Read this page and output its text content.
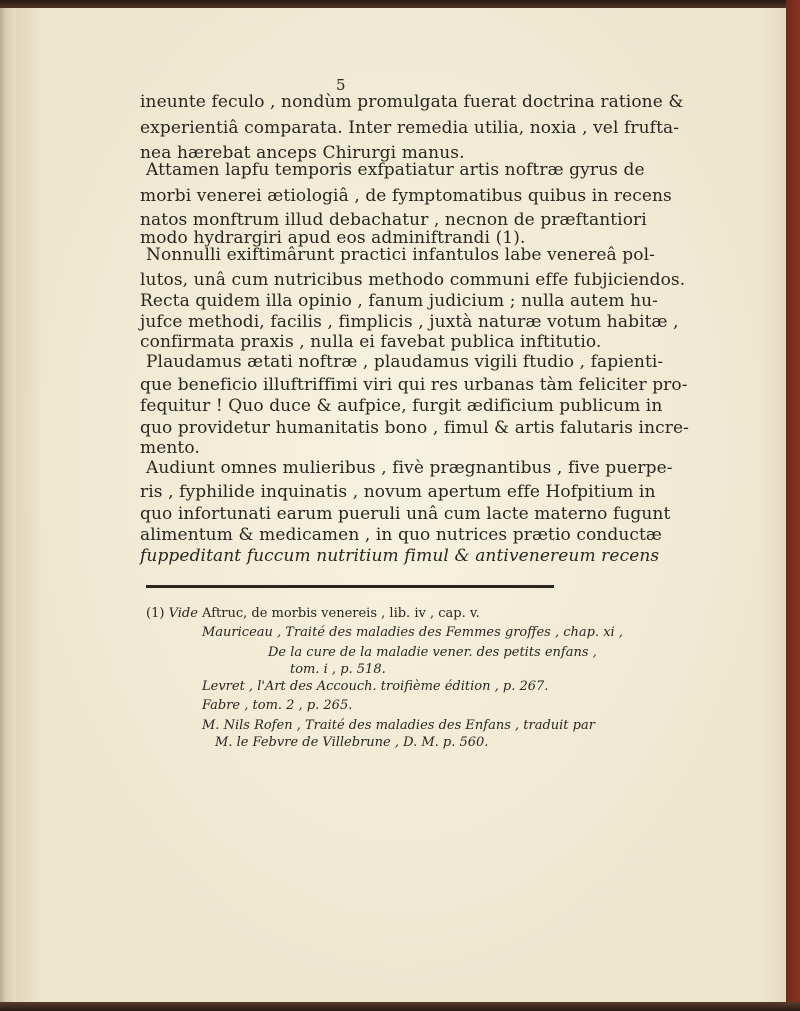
5
ineunte feculo , nondùm promulgata fuerat doctrina ratione &
experientiâ comparata. Inter remedia utilia, noxia , vel frufta-
nea hærebat anceps Chirurgi manus.
Attamen lapfu temporis exfpatiatur artis noftræ gyrus de
morbi venerei ætiologiâ , de fymptomatibus quibus in recens
natos monftrum illud debachatur , necnon de præftantiori
modo hydrargiri apud eos adminiftrandi (1).
Nonnulli exiftimârunt practici infantulos labe venereâ pol-
lutos, unâ cum nutricibus methodo communi effe fubjiciendos.
Recta quidem illa opinio , fanum judicium ; nulla autem hu-
jufce methodi, facilis , fimplicis , juxtà naturæ votum habitæ ,
confirmata praxis , nulla ei favebat publica inftitutio.
Plaudamus ætati noftræ , plaudamus vigili ftudio , fapienti-
que beneficio illuftriffimi viri qui res urbanas tàm feliciter pro-
fequitur ! Quo duce & aufpice, furgit ædificium publicum in
quo providetur humanitatis bono , fimul & artis falutaris incre-
mento.
Audiunt omnes mulieribus , fivè prægnantibus , five puerpe-
ris , fyphilide inquinatis , novum apertum effe Hofpitium in
quo infortunati earum pueruli unâ cum lacte materno fugunt
alimentum & medicamen , in quo nutrices prætio conductæ
fuppeditant fuccum nutritium fimul & antivenereum recens
(1) Vide Aftruc, de morbis venereis , lib. iv , cap. v.
Mauriceau , Traité des maladies des Femmes groffes , chap. xi ,
De la cure de la maladie vener. des petits enfans ,
tom. i , p. 518.
Levret , l'Art des Accouch. troifième édition , p. 267.
Fabre , tom. 2 , p. 265.
M. Nils Rofen , Traité des maladies des Enfans , traduit par
M. le Febvre de Villebrune , D. M. p. 560.
